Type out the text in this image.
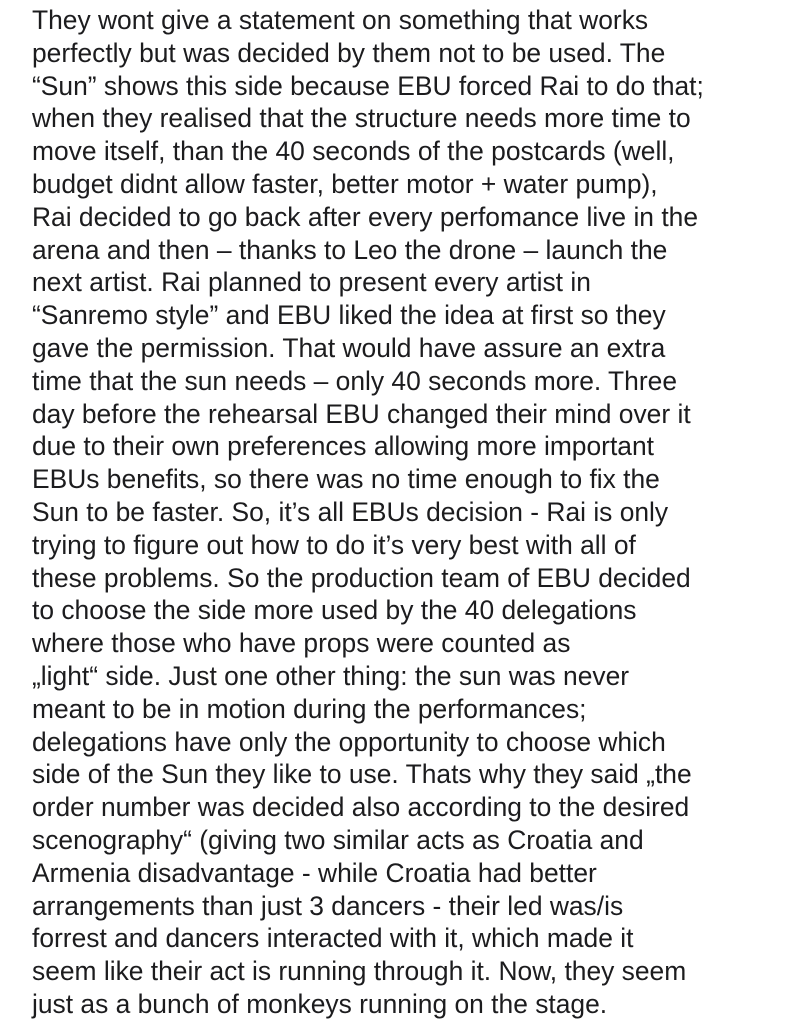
They wont give a statement on something that works
perfectly but was decided by them not to be used. The
“Sun” shows this side because EBU forced Rai to do that;
when they realised that the structure needs more time to
move itself, than the 40 seconds of the postcards (well,
budget didnt allow faster, better motor + water pump),
Rai decided to go back after every perfomance live in the
arena and then – thanks to Leo the drone – launch the
next artist. Rai planned to present every artist in
“Sanremo style” and EBU liked the idea at first so they
gave the permission. That would have assure an extra
time that the sun needs – only 40 seconds more. Three
day before the rehearsal EBU changed their mind over it
due to their own preferences allowing more important
EBUs benefits, so there was no time enough to fix the
Sun to be faster. So, it’s all EBUs decision - Rai is only
trying to figure out how to do it’s very best with all of
these problems. So the production team of EBU decided
to choose the side more used by the 40 delegations
where those who have props were counted as
„light“ side. Just one other thing: the sun was never
meant to be in motion during the performances;
delegations have only the opportunity to choose which
side of the Sun they like to use. Thats why they said „the
order number was decided also according to the desired
scenography“ (giving two similar acts as Croatia and
Armenia disadvantage - while Croatia had better
arrangements than just 3 dancers - their led was/is
forrest and dancers interacted with it, which made it
seem like their act is running through it. Now, they seem
just as a bunch of monkeys running on the stage.
